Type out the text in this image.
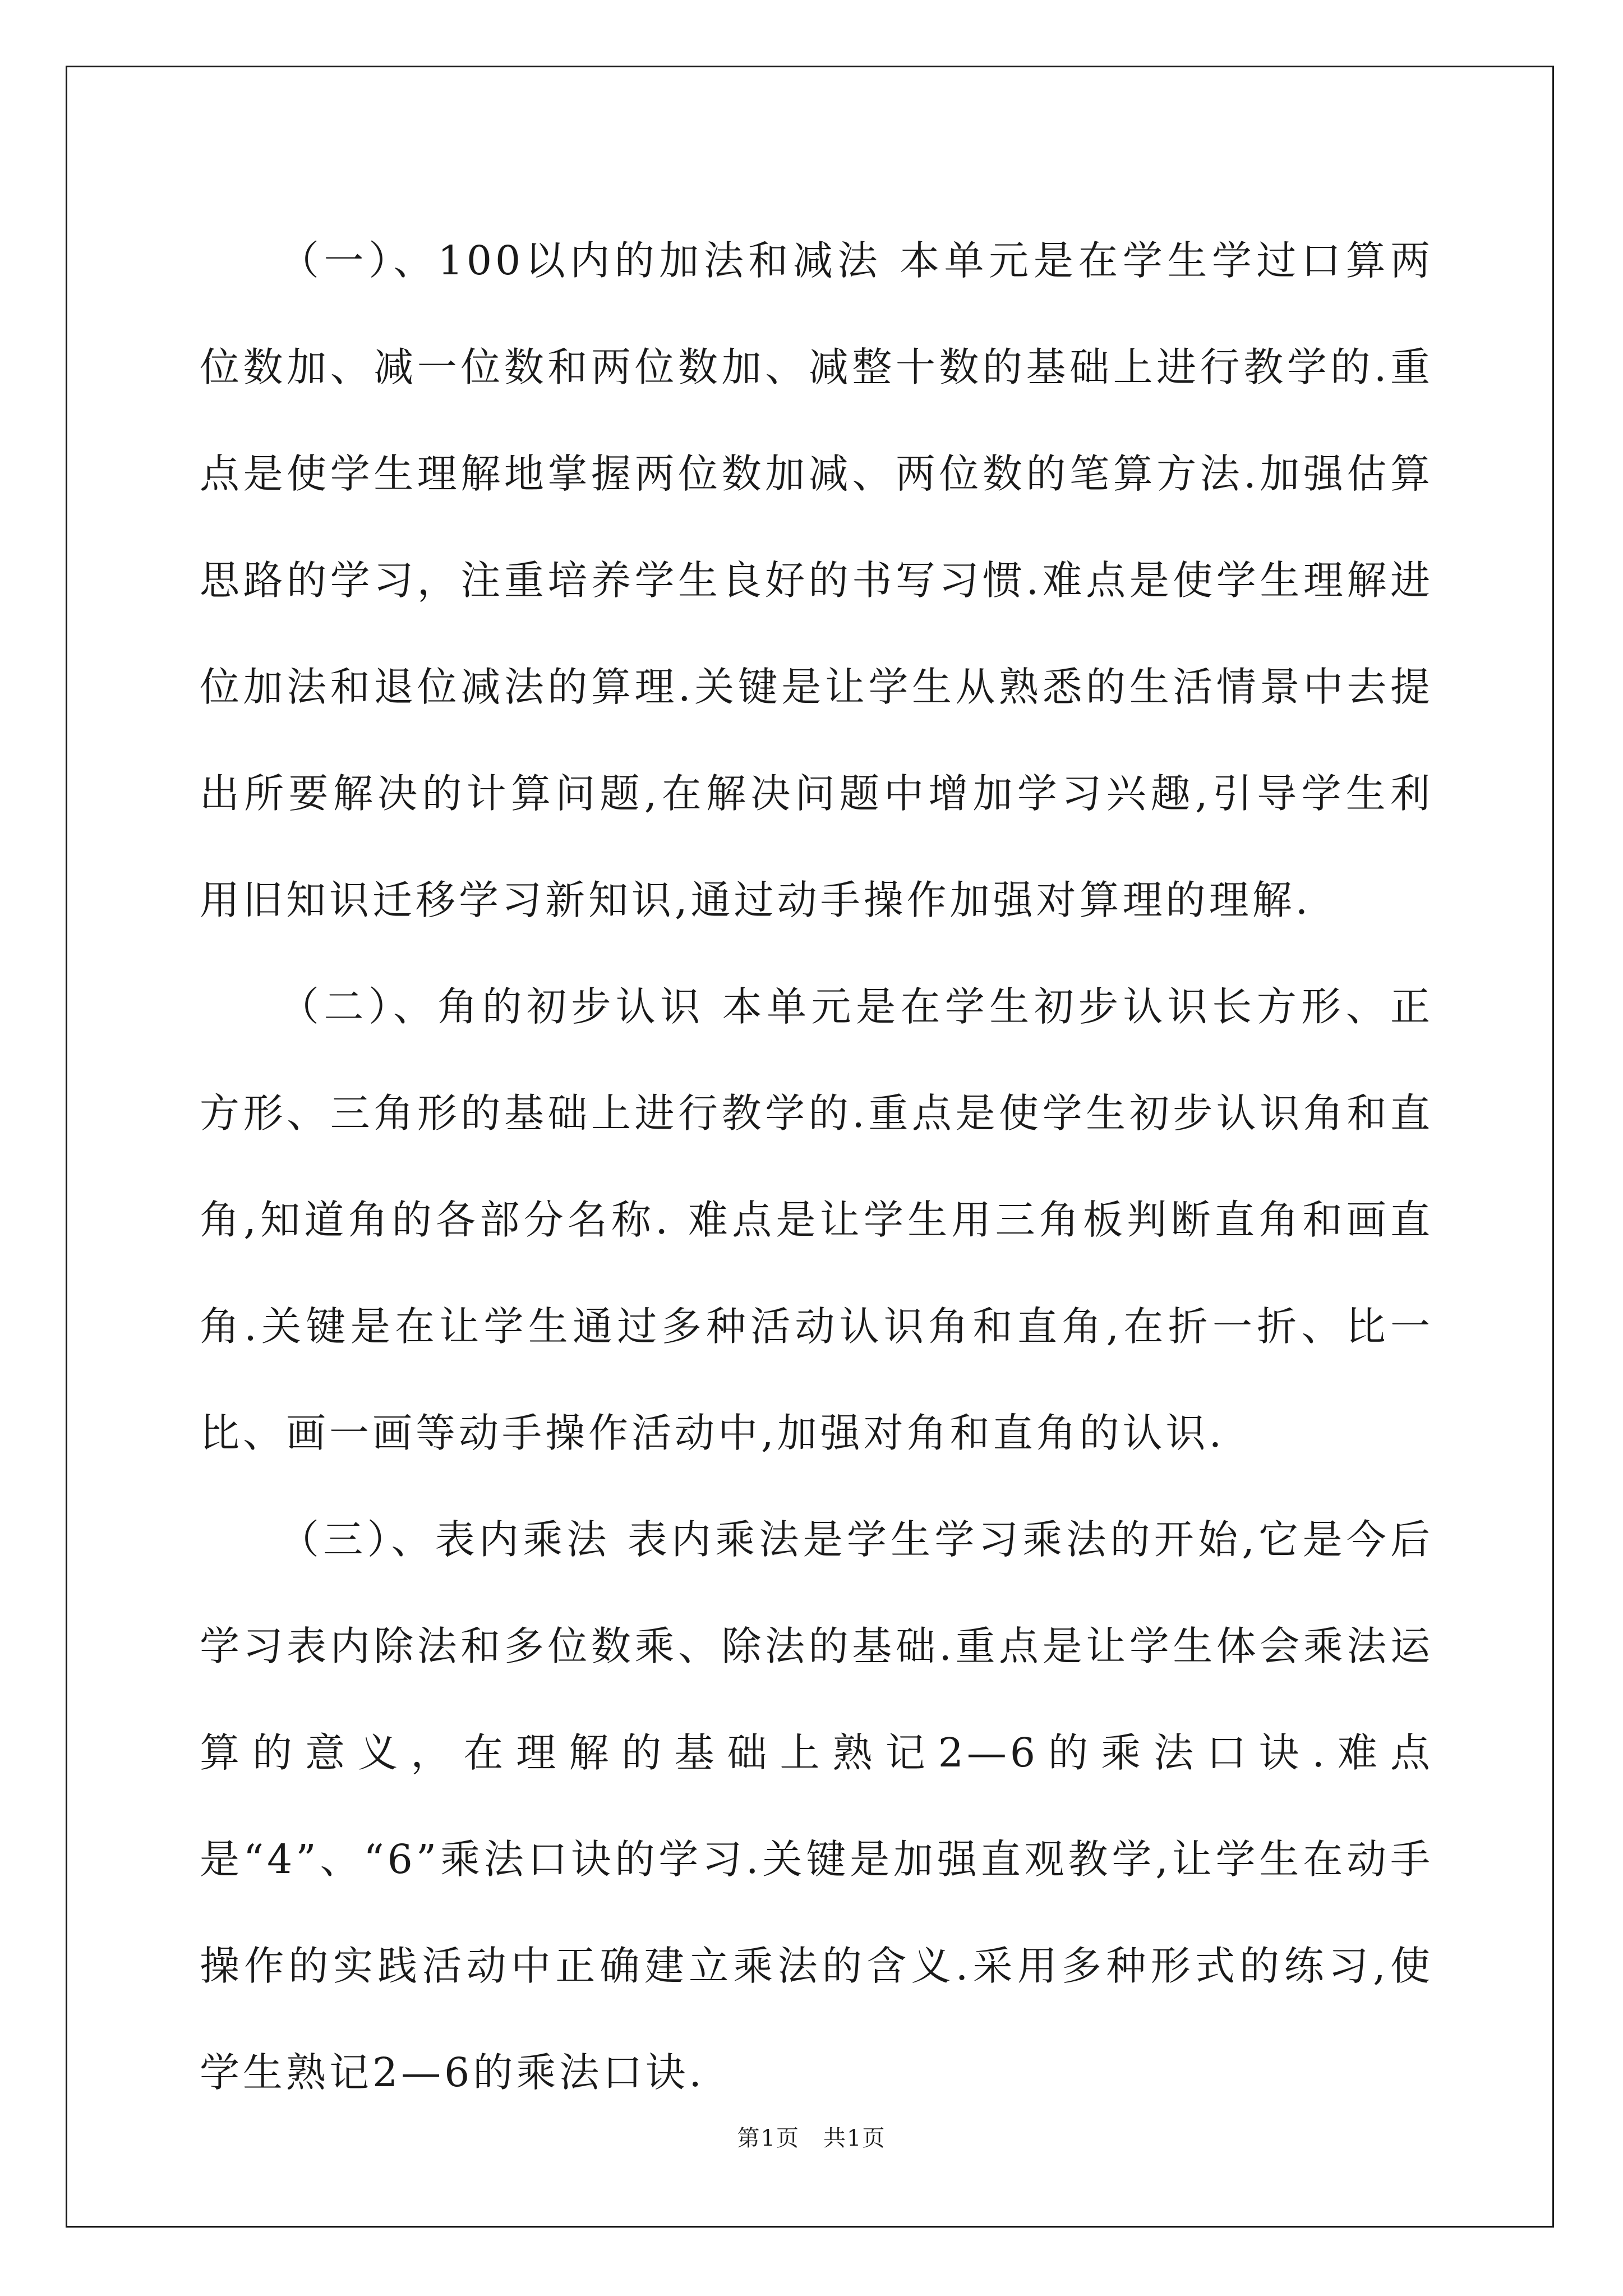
（一）、100以内的加法和减法 本单元是在学生学过口算两位数加、减一位数和两位数加、减整十数的基础上进行教学的.重点是使学生理解地掌握两位数加减、两位数的笔算方法.加强估算思路的学习，注重培养学生良好的书写习惯.难点是使学生理解进位加法和退位减法的算理.关键是让学生从熟悉的生活情景中去提出所要解决的计算问题,在解决问题中增加学习兴趣,引导学生利用旧知识迁移学习新知识,通过动手操作加强对算理的理解.

（二）、角的初步认识 本单元是在学生初步认识长方形、正方形、三角形的基础上进行教学的.重点是使学生初步认识角和直角,知道角的各部分名称. 难点是让学生用三角板判断直角和画直角.关键是在让学生通过多种活动认识角和直角,在折一折、比一比、画一画等动手操作活动中,加强对角和直角的认识.

（三）、表内乘法 表内乘法是学生学习乘法的开始,它是今后学习表内除法和多位数乘、除法的基础.重点是让学生体会乘法运算的意义，在理解的基础上熟记2—6的乘法口诀.难点是“4”、“6”乘法口诀的学习.关键是加强直观教学,让学生在动手操作的实践活动中正确建立乘法的含义.采用多种形式的练习,使学生熟记2—6的乘法口诀.

第1页　共1页
